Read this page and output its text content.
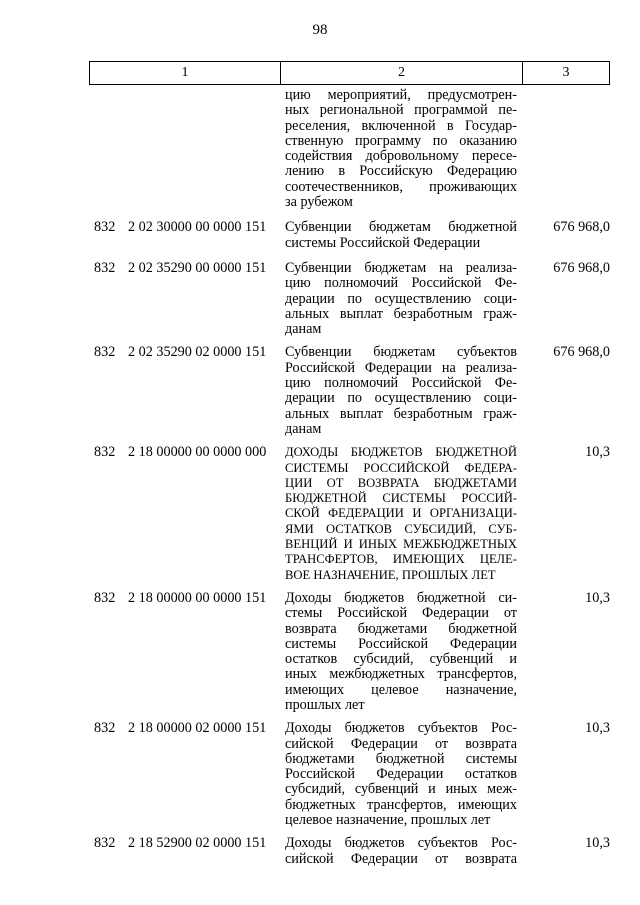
98
1	2	3
цию мероприятий, предусмотрен-
ных региональной программой пе-
реселения, включенной в Государ-
ственную программу по оказанию
содействия добровольному пересе-
лению в Российскую Федерацию
соотечественников, проживающих
за рубежом
832 2 02 30000 00 0000 151 Субвенции бюджетам бюджетной
системы Российской Федерации
676 968,0
832 2 02 35290 00 0000 151 Субвенции бюджетам на реализа-
цию полномочий Российской Фе-
дерации по осуществлению соци-
альных выплат безработным граж-
данам
676 968,0
832 2 02 35290 02 0000 151 Субвенции бюджетам субъектов
Российской Федерации на реализа-
цию полномочий Российской Фе-
дерации по осуществлению соци-
альных выплат безработным граж-
данам
676 968,0
832 2 18 00000 00 0000 000 ДОХОДЫ БЮДЖЕТОВ БЮДЖЕТНОЙ
СИСТЕМЫ РОССИЙСКОЙ ФЕДЕРА-
ЦИИ ОТ ВОЗВРАТА БЮДЖЕТАМИ
БЮДЖЕТНОЙ СИСТЕМЫ РОССИЙ-
СКОЙ ФЕДЕРАЦИИ И ОРГАНИЗАЦИ-
ЯМИ ОСТАТКОВ СУБСИДИЙ, СУБ-
ВЕНЦИЙ И ИНЫХ МЕЖБЮДЖЕТНЫХ
ТРАНСФЕРТОВ, ИМЕЮЩИХ ЦЕЛЕ-
ВОЕ НАЗНАЧЕНИЕ, ПРОШЛЫХ ЛЕТ
10,3
832 2 18 00000 00 0000 151 Доходы бюджетов бюджетной си-
стемы Российской Федерации от
возврата бюджетами бюджетной
системы Российской Федерации
остатков субсидий, субвенций и
иных межбюджетных трансфертов,
имеющих целевое назначение,
прошлых лет
10,3
832 2 18 00000 02 0000 151 Доходы бюджетов субъектов Рос-
сийской Федерации от возврата
бюджетами бюджетной системы
Российской Федерации остатков
субсидий, субвенций и иных меж-
бюджетных трансфертов, имеющих
целевое назначение, прошлых лет
10,3
832 2 18 52900 02 0000 151 Доходы бюджетов субъектов Рос-
сийской Федерации от возврата
10,3
